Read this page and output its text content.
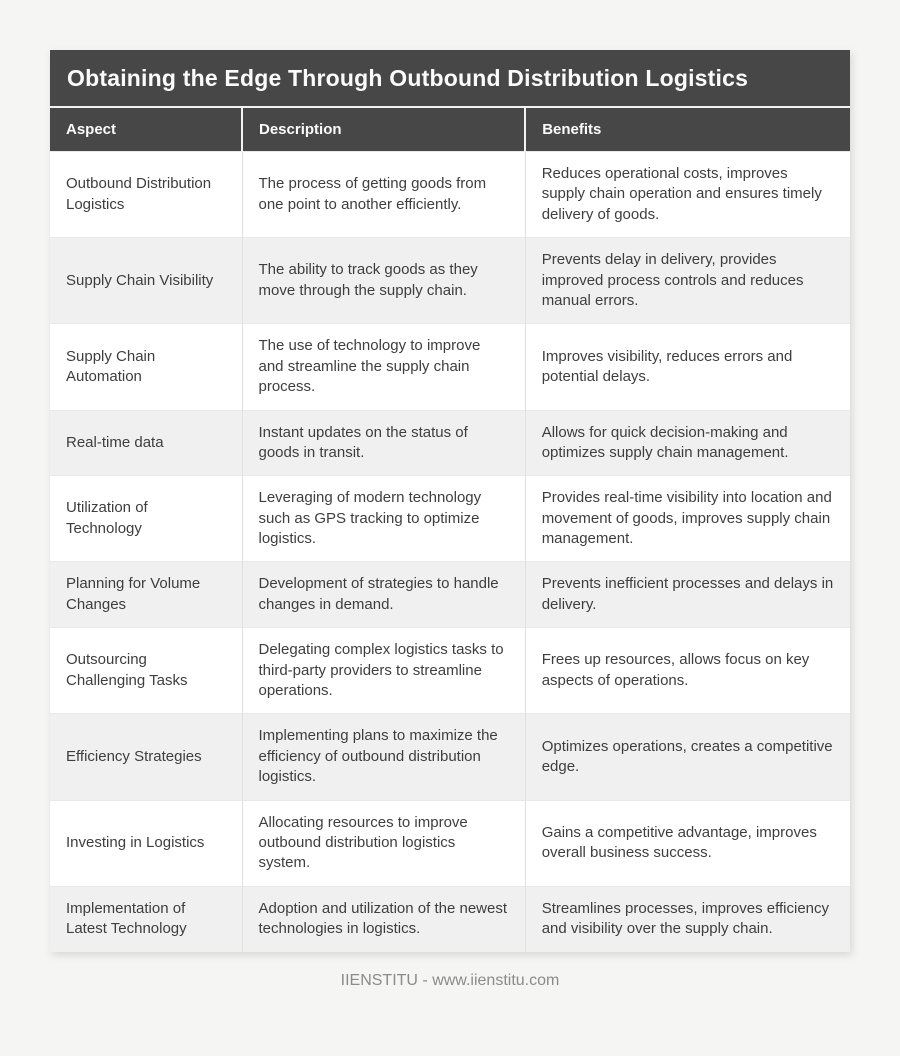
Obtaining the Edge Through Outbound Distribution Logistics
Aspect	Description	Benefits
Outbound Distribution Logistics	The process of getting goods from one point to another efficiently.	Reduces operational costs, improves supply chain operation and ensures timely delivery of goods.
Supply Chain Visibility	The ability to track goods as they move through the supply chain.	Prevents delay in delivery, provides improved process controls and reduces manual errors.
Supply Chain Automation	The use of technology to improve and streamline the supply chain process.	Improves visibility, reduces errors and potential delays.
Real-time data	Instant updates on the status of goods in transit.	Allows for quick decision-making and optimizes supply chain management.
Utilization of Technology	Leveraging of modern technology such as GPS tracking to optimize logistics.	Provides real-time visibility into location and movement of goods, improves supply chain management.
Planning for Volume Changes	Development of strategies to handle changes in demand.	Prevents inefficient processes and delays in delivery.
Outsourcing Challenging Tasks	Delegating complex logistics tasks to third-party providers to streamline operations.	Frees up resources, allows focus on key aspects of operations.
Efficiency Strategies	Implementing plans to maximize the efficiency of outbound distribution logistics.	Optimizes operations, creates a competitive edge.
Investing in Logistics	Allocating resources to improve outbound distribution logistics system.	Gains a competitive advantage, improves overall business success.
Implementation of Latest Technology	Adoption and utilization of the newest technologies in logistics.	Streamlines processes, improves efficiency and visibility over the supply chain.
IIENSTITU - www.iienstitu.com
